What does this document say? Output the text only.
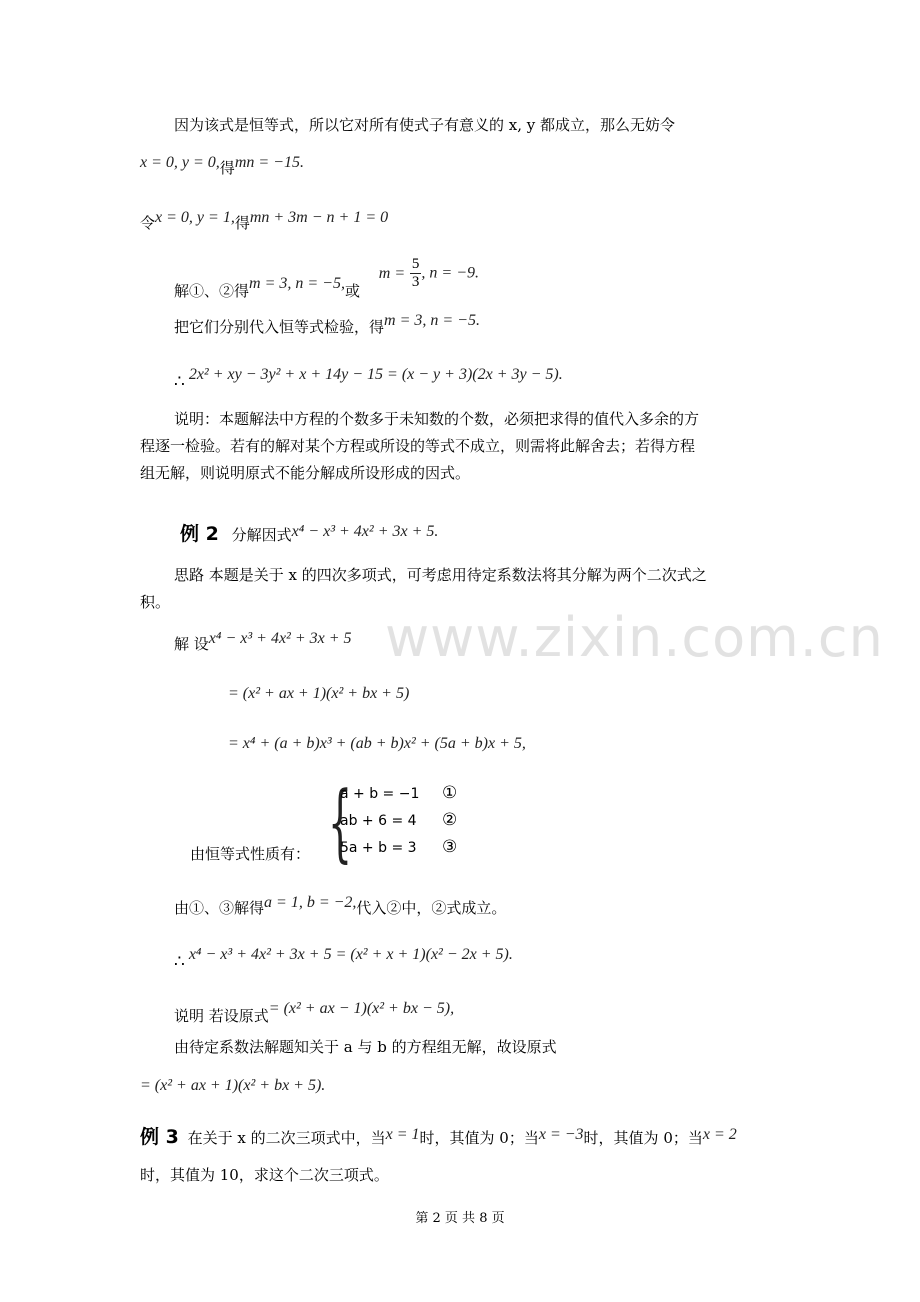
www.zixin.com.cn
因为该式是恒等式，所以它对所有使式子有意义的 x, y 都成立，那么无妨令
x = 0, y = 0,得mn = −15.
令x = 0, y = 1,得mn + 3m − n + 1 = 0
解①、②得m = 3, n = −5,或 $m = \frac{5}{3}$ , n = −9.
把它们分别代入恒等式检验，得m = 3, n = −5.
∴ 2x² + xy − 3y² + x + 14y − 15 = (x − y + 3)(2x + 3y − 5).
说明：本题解法中方程的个数多于未知数的个数，必须把求得的值代入多余的方
程逐一检验。若有的解对某个方程或所设的等式不成立，则需将此解舍去；若得方程
组无解，则说明原式不能分解成所设形成的因式。
例 2 分解因式x⁴ − x³ + 4x² + 3x + 5.
思路 本题是关于 x 的四次多项式，可考虑用待定系数法将其分解为两个二次式之
积。
解 设x⁴ − x³ + 4x² + 3x + 5
= (x² + ax + 1)(x² + bx + 5)
= x⁴ + (a + b)x³ + (ab + b)x² + (5a + b)x + 5,
{
a + b = −1 ①
ab + 6 = 4 ②
5a + b = 3 ③
由恒等式性质有：
由①、③解得a = 1, b = −2,代入②中，②式成立。
∴ x⁴ − x³ + 4x² + 3x + 5 = (x² + x + 1)(x² − 2x + 5).
说明 若设原式= (x² + ax − 1)(x² + bx − 5),
由待定系数法解题知关于 a 与 b 的方程组无解，故设原式
= (x² + ax + 1)(x² + bx + 5).
例 3 在关于 x 的二次三项式中，当x = 1时，其值为 0；当x = −3时，其值为 0；当x = 2
时，其值为 10，求这个二次三项式。
第 2 页 共 8 页
